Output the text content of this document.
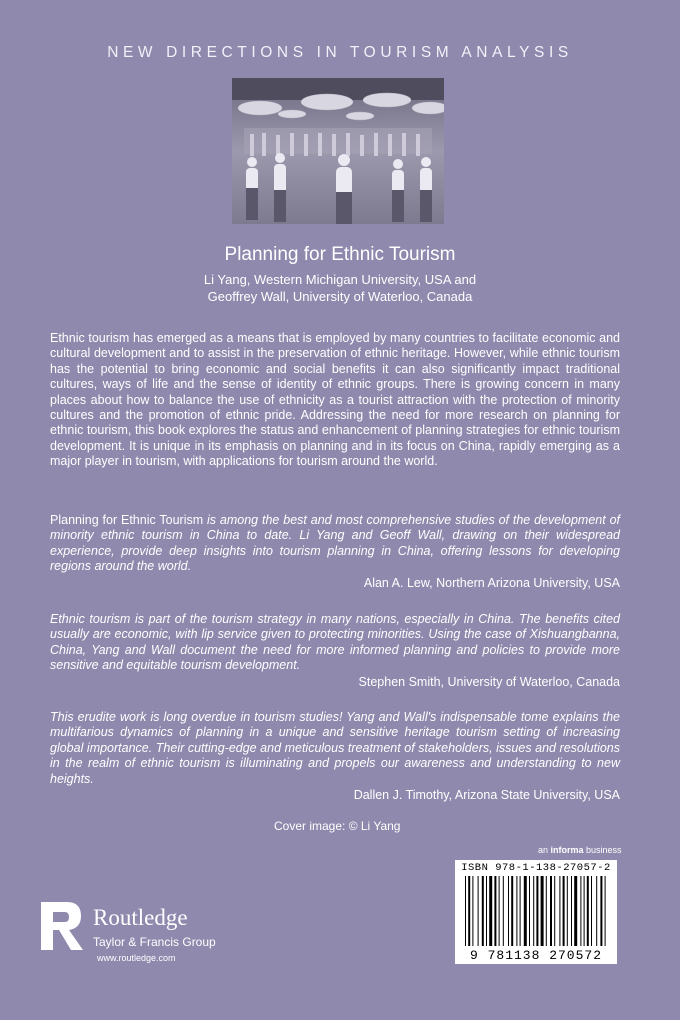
NEW DIRECTIONS IN TOURISM ANALYSIS
Planning for Ethnic Tourism
Li Yang, Western Michigan University, USA and
Geoffrey Wall, University of Waterloo, Canada

Ethnic tourism has emerged as a means that is employed by many countries to facilitate economic and cultural development and to assist in the preservation of ethnic heritage. However, while ethnic tourism has the potential to bring economic and social benefits it can also significantly impact traditional cultures, ways of life and the sense of identity of ethnic groups. There is growing concern in many places about how to balance the use of ethnicity as a tourist attraction with the protection of minority cultures and the promotion of ethnic pride. Addressing the need for more research on planning for ethnic tourism, this book explores the status and enhancement of planning strategies for ethnic tourism development. It is unique in its emphasis on planning and in its focus on China, rapidly emerging as a major player in tourism, with applications for tourism around the world.

Planning for Ethnic Tourism is among the best and most comprehensive studies of the development of minority ethnic tourism in China to date. Li Yang and Geoff Wall, drawing on their widespread experience, provide deep insights into tourism planning in China, offering lessons for developing regions around the world.
Alan A. Lew, Northern Arizona University, USA
Ethnic tourism is part of the tourism strategy in many nations, especially in China. The benefits cited usually are economic, with lip service given to protecting minorities. Using the case of Xishuangbanna, China, Yang and Wall document the need for more informed planning and policies to provide more sensitive and equitable tourism development.
Stephen Smith, University of Waterloo, Canada
This erudite work is long overdue in tourism studies! Yang and Wall's indispensable tome explains the multifarious dynamics of planning in a unique and sensitive heritage tourism setting of increasing global importance. Their cutting-edge and meticulous treatment of stakeholders, issues and resolutions in the realm of ethnic tourism is illuminating and propels our awareness and understanding to new heights.
Dallen J. Timothy, Arizona State University, USA
Cover image: © Li Yang
an informa business
ISBN 978-1-138-27057-2
9 781138 270572
Routledge
Taylor & Francis Group
www.routledge.com
